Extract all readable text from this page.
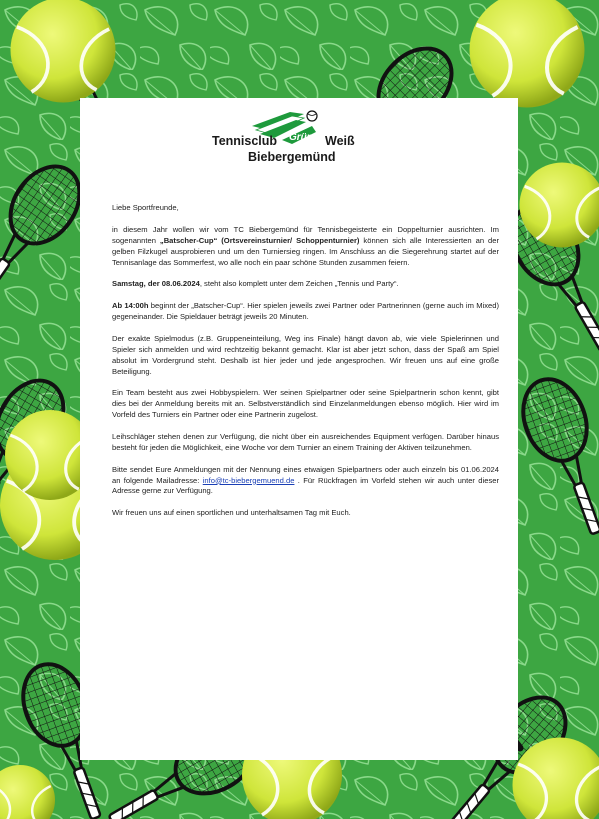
Tennisclub Grün Weiß
Biebergemünd

Liebe Sportfreunde,

in diesem Jahr wollen wir vom TC Biebergemünd für Tennisbegeisterte ein Doppelturnier ausrichten. Im sogenannten „Batscher-Cup“ (Ortsvereinsturnier/ Schoppenturnier) können sich alle Interessierten an der gelben Filzkugel ausprobieren und um den Turniersieg ringen. Im Anschluss an die Siegerehrung startet auf der Tennisanlage das Sommerfest, wo alle noch ein paar schöne Stunden zusammen feiern.

Samstag, der 08.06.2024, steht also komplett unter dem Zeichen „Tennis und Party“.

Ab 14:00h beginnt der „Batscher-Cup“. Hier spielen jeweils zwei Partner oder Partnerinnen (gerne auch im Mixed) gegeneinander. Die Spieldauer beträgt jeweils 20 Minuten.

Der exakte Spielmodus (z.B. Gruppeneinteilung, Weg ins Finale) hängt davon ab, wie viele Spielerinnen und Spieler sich anmelden und wird rechtzeitig bekannt gemacht. Klar ist aber jetzt schon, dass der Spaß am Spiel absolut im Vordergrund steht. Deshalb ist hier jeder und jede angesprochen. Wir freuen uns auf eine große Beteiligung.

Ein Team besteht aus zwei Hobbyspielern. Wer seinen Spielpartner oder seine Spielpartnerin schon kennt, gibt dies bei der Anmeldung bereits mit an. Selbstverständlich sind Einzelanmeldungen ebenso möglich. Hier wird im Vorfeld des Turniers ein Partner oder eine Partnerin zugelost.

Leihschläger stehen denen zur Verfügung, die nicht über ein ausreichendes Equipment verfügen. Darüber hinaus besteht für jeden die Möglichkeit, eine Woche vor dem Turnier an einem Training der Aktiven teilzunehmen.

Bitte sendet Eure Anmeldungen mit der Nennung eines etwaigen Spielpartners oder auch einzeln bis 01.06.2024 an folgende Mailadresse: info@tc-biebergemuend.de . Für Rückfragen im Vorfeld stehen wir auch unter dieser Adresse gerne zur Verfügung.

Wir freuen uns auf einen sportlichen und unterhaltsamen Tag mit Euch.
